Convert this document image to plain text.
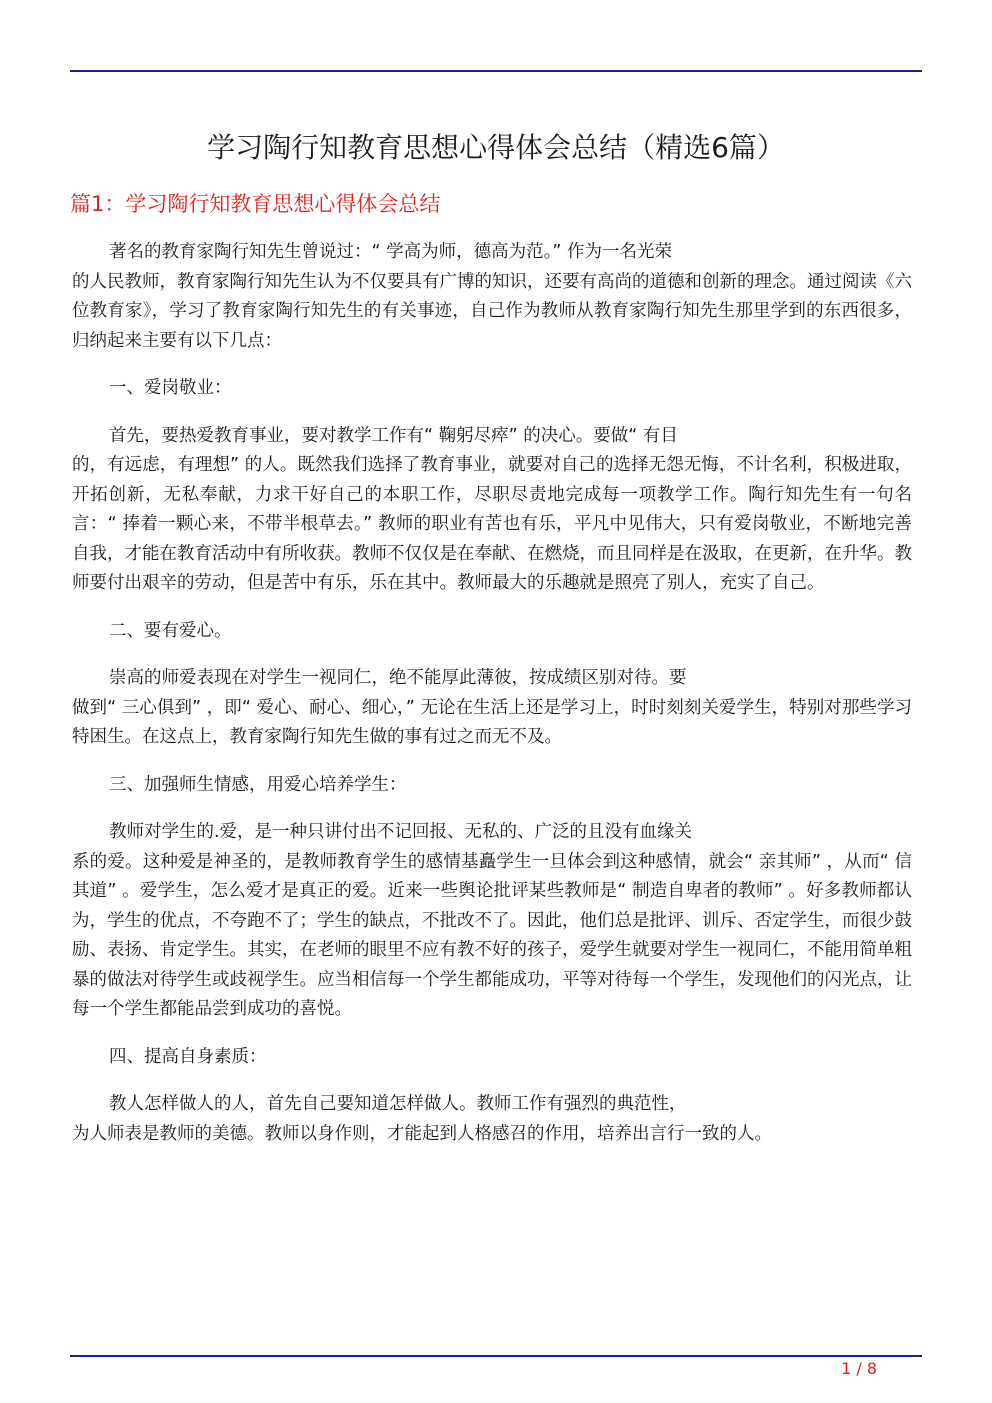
学习陶行知教育思想心得体会总结（精选6篇）
篇1：学习陶行知教育思想心得体会总结

著名的教育家陶行知先生曾说过：“ 学高为师，德高为范。” 作为一名光荣
的人民教师，教育家陶行知先生认为不仅要具有广博的知识，还要有高尚的道德和创新的理念。通过阅读《六位教育家》，学习了教育家陶行知先生的有关事迹，自己作为教师从教育家陶行知先生那里学到的东西很多，归纳起来主要有以下几点：

一、爱岗敬业：

首先，要热爱教育事业，要对教学工作有“ 鞠躬尽瘁” 的决心。要做“ 有目
的，有远虑，有理想” 的人。既然我们选择了教育事业，就要对自己的选择无怨无悔，不计名利，积极进取，开拓创新，无私奉献，力求干好自己的本职工作，尽职尽责地完成每一项教学工作。陶行知先生有一句名言：“ 捧着一颗心来，不带半根草去。” 教师的职业有苦也有乐，平凡中见伟大，只有爱岗敬业，不断地完善自我，才能在教育活动中有所收获。教师不仅仅是在奉献、在燃烧，而且同样是在汲取，在更新，在升华。教师要付出艰辛的劳动，但是苦中有乐，乐在其中。教师最大的乐趣就是照亮了别人，充实了自己。

二、要有爱心。

崇高的师爱表现在对学生一视同仁，绝不能厚此薄彼，按成绩区别对待。要
做到“ 三心俱到” ，即“ 爱心、耐心、细心，” 无论在生活上还是学习上，时时刻刻关爱学生，特别对那些学习特困生。在这点上，教育家陶行知先生做的事有过之而无不及。

三、加强师生情感，用爱心培养学生：

教师对学生的.爱，是一种只讲付出不记回报、无私的、广泛的且没有血缘关
系的爱。这种爱是神圣的，是教师教育学生的感情基矗学生一旦体会到这种感情，就会“ 亲其师” ，从而“ 信其道” 。爱学生，怎么爱才是真正的爱。近来一些舆论批评某些教师是“ 制造自卑者的教师” 。好多教师都认为，学生的优点，不夸跑不了；学生的缺点，不批改不了。因此，他们总是批评、训斥、否定学生，而很少鼓励、表扬、肯定学生。其实，在老师的眼里不应有教不好的孩子，爱学生就要对学生一视同仁，不能用简单粗暴的做法对待学生或歧视学生。应当相信每一个学生都能成功，平等对待每一个学生，发现他们的闪光点，让每一个学生都能品尝到成功的喜悦。

四、提高自身素质：

教人怎样做人的人，首先自己要知道怎样做人。教师工作有强烈的典范性，
为人师表是教师的美德。教师以身作则，才能起到人格感召的作用，培养出言行一致的人。

1 / 8
